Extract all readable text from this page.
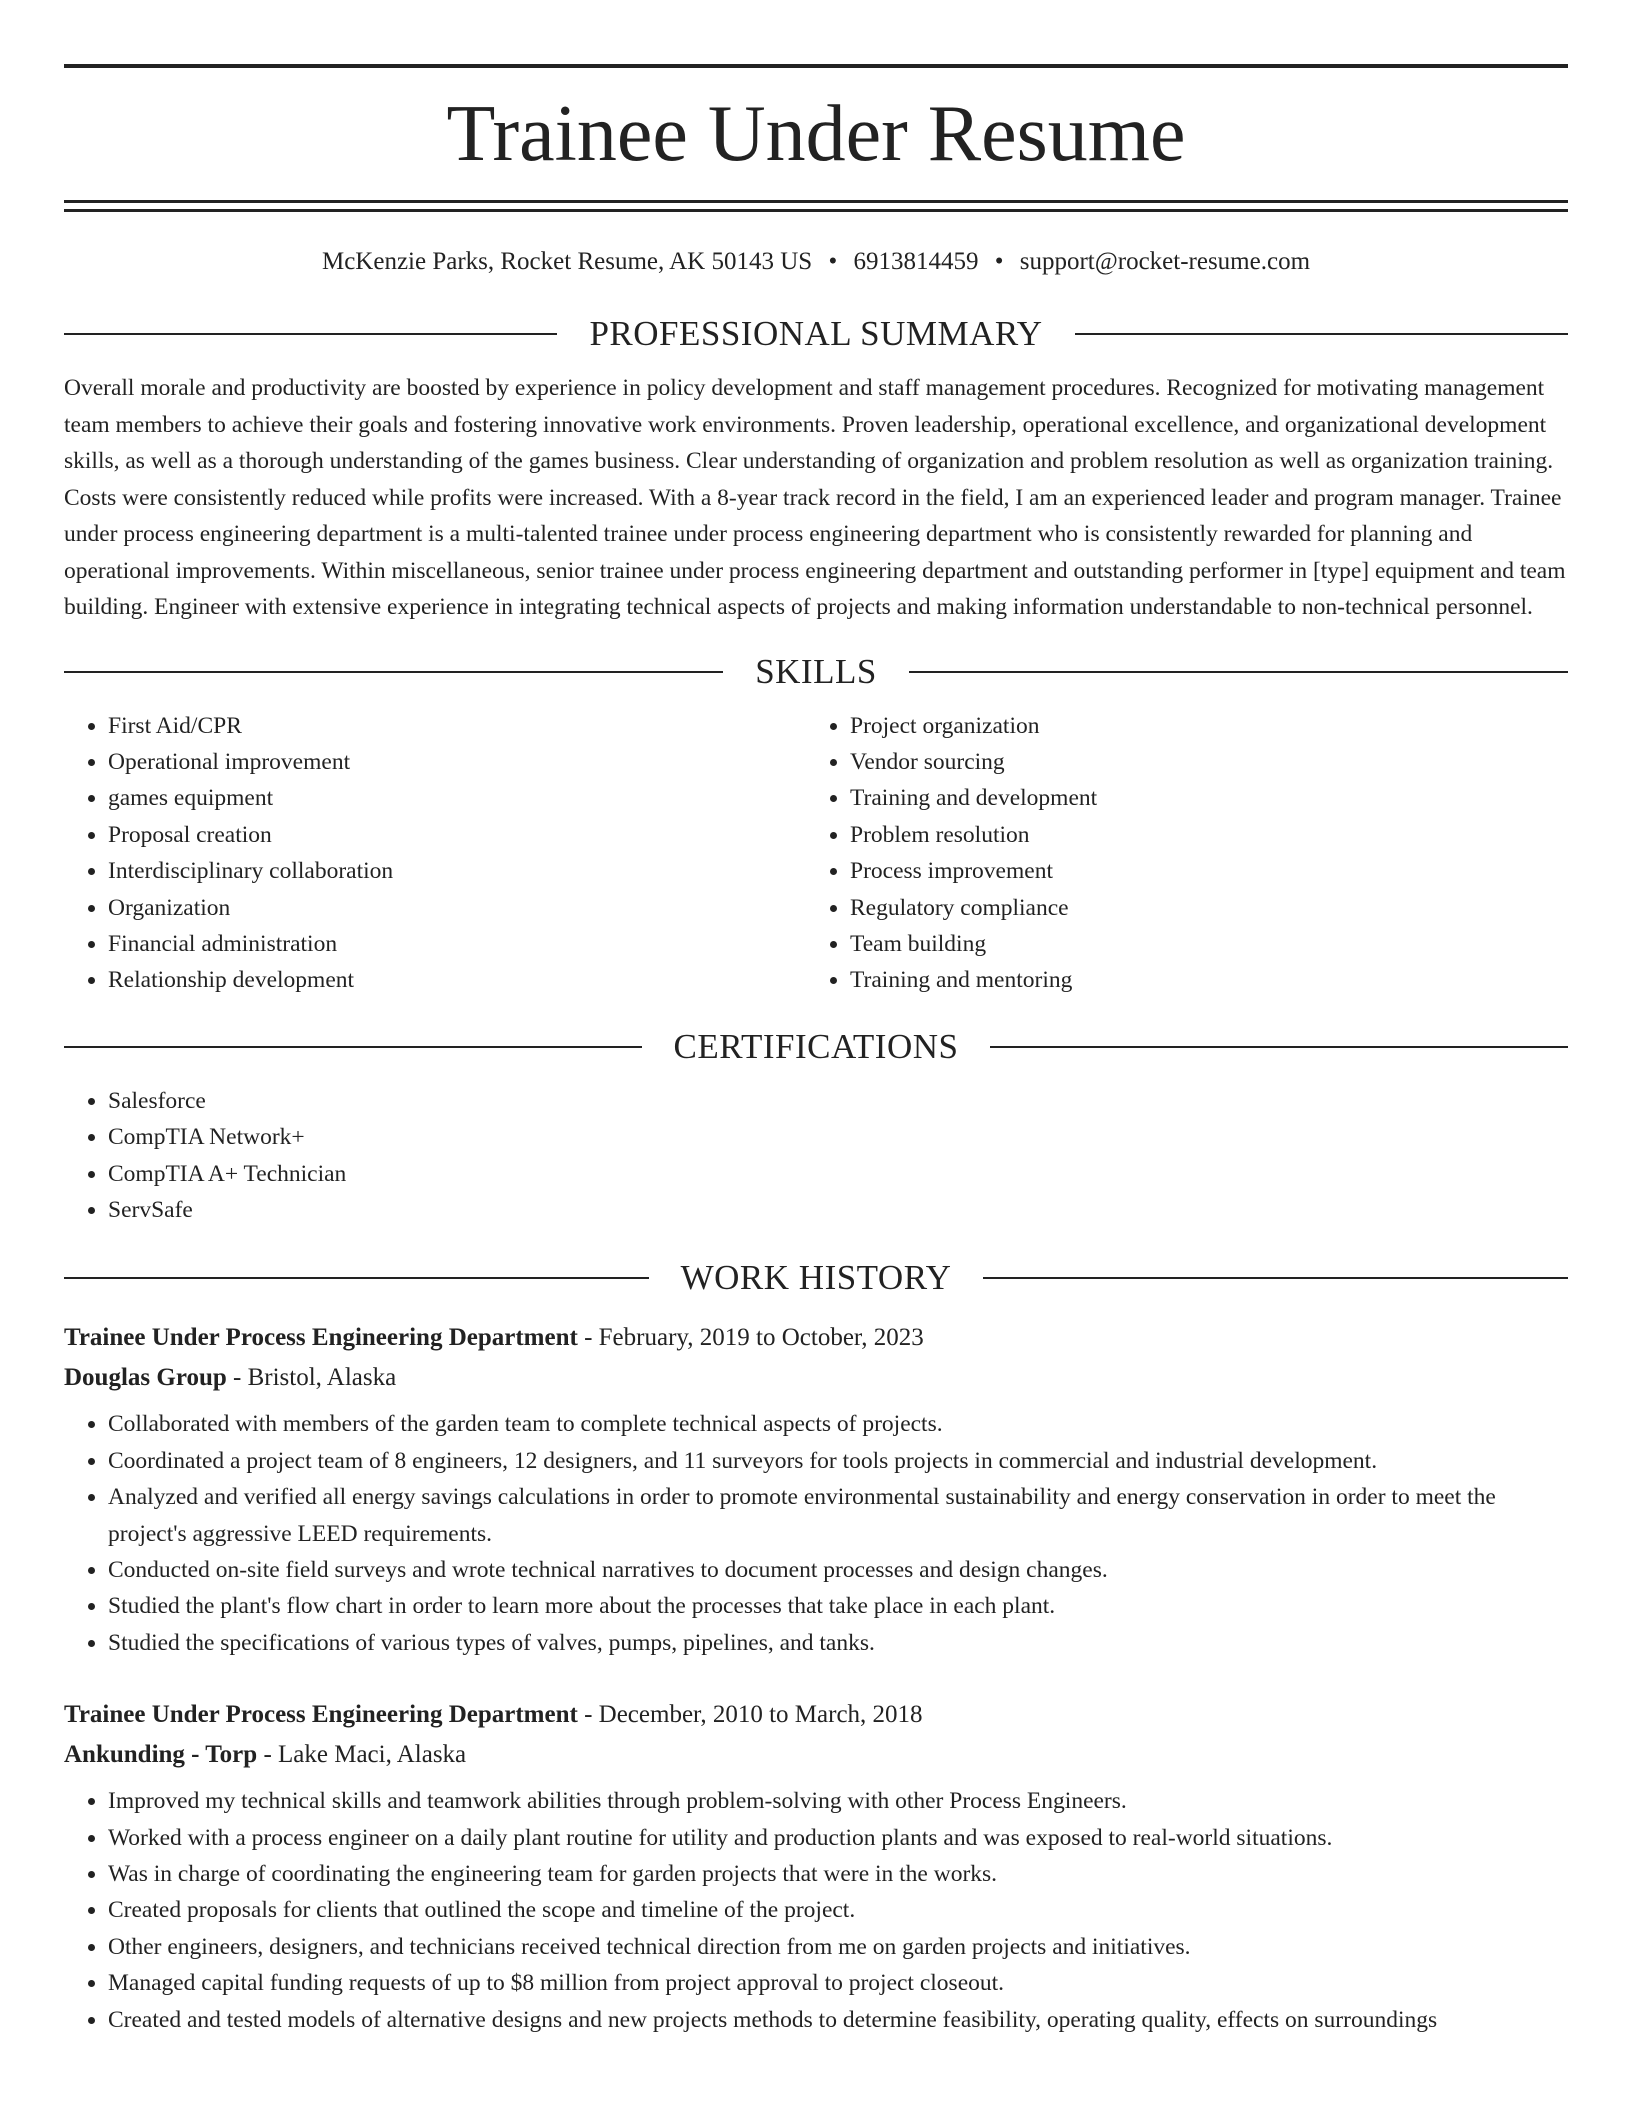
Trainee Under Resume
McKenzie Parks, Rocket Resume, AK 50143 US • 6913814459 • support@rocket-resume.com
PROFESSIONAL SUMMARY
Overall morale and productivity are boosted by experience in policy development and staff management procedures. Recognized for motivating management team members to achieve their goals and fostering innovative work environments. Proven leadership, operational excellence, and organizational development skills, as well as a thorough understanding of the games business. Clear understanding of organization and problem resolution as well as organization training. Costs were consistently reduced while profits were increased. With a 8-year track record in the field, I am an experienced leader and program manager. Trainee under process engineering department is a multi-talented trainee under process engineering department who is consistently rewarded for planning and operational improvements. Within miscellaneous, senior trainee under process engineering department and outstanding performer in [type] equipment and team building. Engineer with extensive experience in integrating technical aspects of projects and making information understandable to non-technical personnel.
SKILLS
• First Aid/CPR
• Operational improvement
• games equipment
• Proposal creation
• Interdisciplinary collaboration
• Organization
• Financial administration
• Relationship development
• Project organization
• Vendor sourcing
• Training and development
• Problem resolution
• Process improvement
• Regulatory compliance
• Team building
• Training and mentoring
CERTIFICATIONS
• Salesforce
• CompTIA Network+
• CompTIA A+ Technician
• ServSafe
WORK HISTORY
Trainee Under Process Engineering Department - February, 2019 to October, 2023
Douglas Group - Bristol, Alaska
• Collaborated with members of the garden team to complete technical aspects of projects.
• Coordinated a project team of 8 engineers, 12 designers, and 11 surveyors for tools projects in commercial and industrial development.
• Analyzed and verified all energy savings calculations in order to promote environmental sustainability and energy conservation in order to meet the project's aggressive LEED requirements.
• Conducted on-site field surveys and wrote technical narratives to document processes and design changes.
• Studied the plant's flow chart in order to learn more about the processes that take place in each plant.
• Studied the specifications of various types of valves, pumps, pipelines, and tanks.
Trainee Under Process Engineering Department - December, 2010 to March, 2018
Ankunding - Torp - Lake Maci, Alaska
• Improved my technical skills and teamwork abilities through problem-solving with other Process Engineers.
• Worked with a process engineer on a daily plant routine for utility and production plants and was exposed to real-world situations.
• Was in charge of coordinating the engineering team for garden projects that were in the works.
• Created proposals for clients that outlined the scope and timeline of the project.
• Other engineers, designers, and technicians received technical direction from me on garden projects and initiatives.
• Managed capital funding requests of up to $8 million from project approval to project closeout.
• Created and tested models of alternative designs and new projects methods to determine feasibility, operating quality, effects on surroundings
